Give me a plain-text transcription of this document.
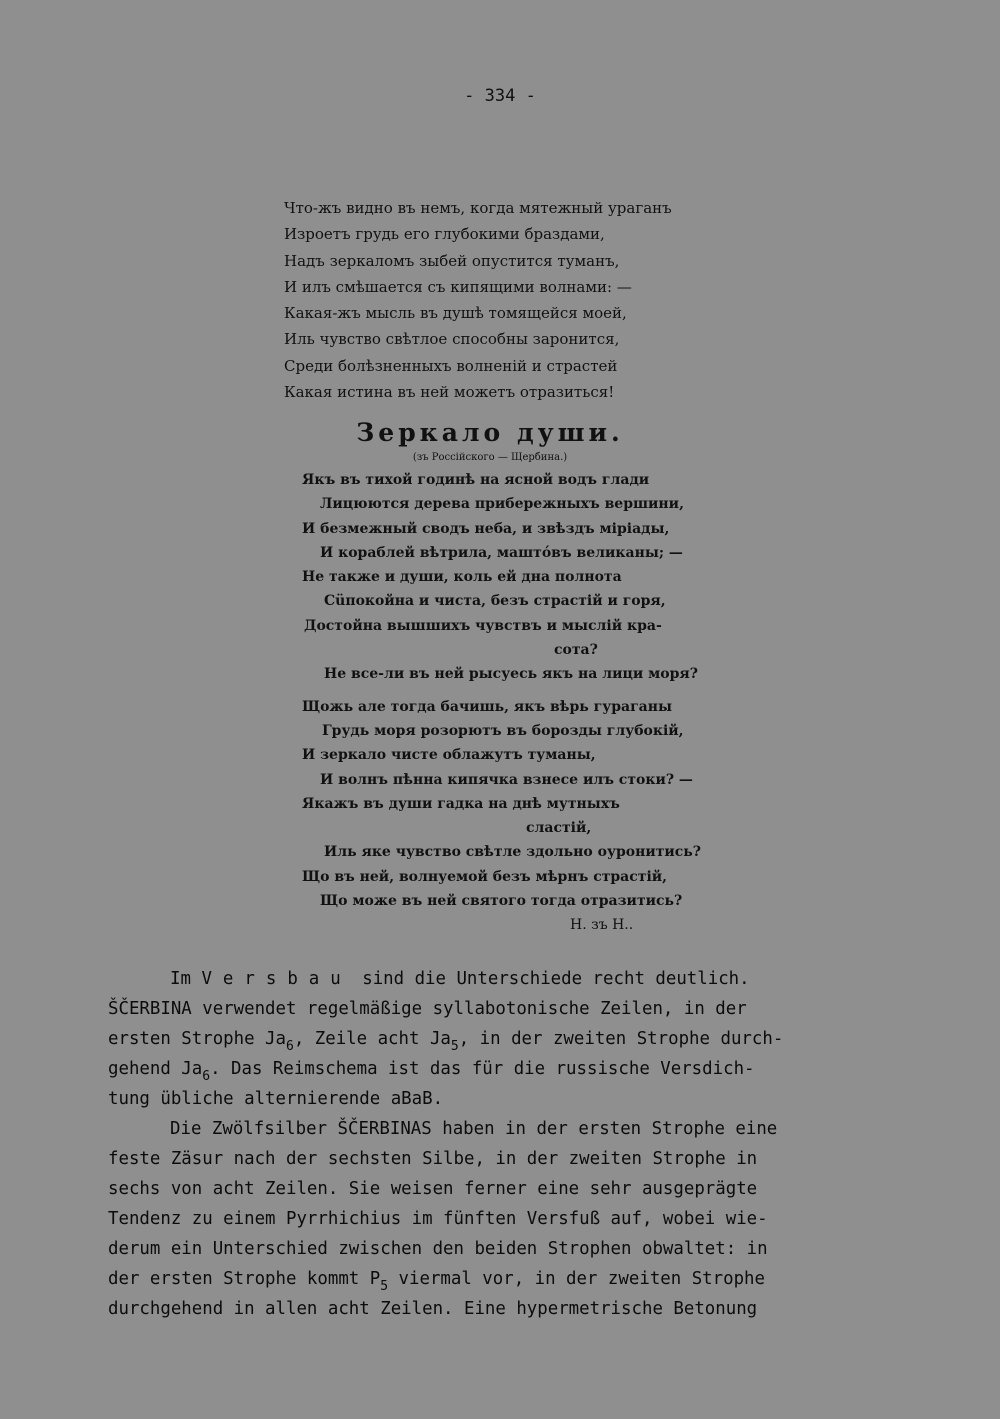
- 334 -
Что-жъ видно въ немъ, когда мятежный ураганъ
Изроетъ грудь его глубокими браздами,
Надъ зеркаломъ зыбей опустится туманъ,
И илъ смѣшается съ кипящими волнами: —
Какая-жъ мысль въ душѣ томящейся моей,
Иль чувство свѣтлое способны заронится,
Среди болѣзненныхъ волненій и страстей
Какая истина въ ней можетъ отразиться!
Зеркало души.
(зъ Россійского — Щербина.)
Якъ въ тихой годинѣ на ясной водъ глади
Лицюются дерева прибережныхъ вершини,
И безмежный сводъ неба, и звѣздъ міріады,
И кораблей вѣтрила, маштóвъ великаны; —
Не также и души, коль ей дна полнота
Сüпокойна и чиста, безъ страстій и горя,
Достойна вышшихъ чувствъ и мыслій кра-
сота?
Не все-ли въ ней рысуесь якъ на лици моря?
Щожь але тогда бачишь, якъ вѣрь гураганы
Грудь моря розорютъ въ борозды глубокій,
И зеркало чисте облажутъ туманы,
И волнъ пѣнна кипячка взнесе илъ стоки? —
Якажъ въ души гадка на днѣ мутныхъ
сластій,
Иль яке чувство свѣтле здольно оуронитись?
Що въ ней, волнуемой безъ мѣрнъ страстій,
Що може въ ней святого тогда отразитись?
Н. зъ Н..
Im Versbau sind die Unterschiede recht deutlich.
ŠČERBINA verwendet regelmäßige syllabotonische Zeilen, in der
ersten Strophe $Ja_6$, Zeile acht $Ja_5$, in der zweiten Strophe durch-
gehend $Ja_6$. Das Reimschema ist das für die russische Versdich-
tung übliche alternierende aBaB.
Die Zwölfsilber ŠČERBINAS haben in der ersten Strophe eine
feste Zäsur nach der sechsten Silbe, in der zweiten Strophe in
sechs von acht Zeilen. Sie weisen ferner eine sehr ausgeprägte
Tendenz zu einem Pyrrhichius im fünften Versfuß auf, wobei wie-
derum ein Unterschied zwischen den beiden Strophen obwaltet: in
der ersten Strophe kommt $P_5$ viermal vor, in der zweiten Strophe
durchgehend in allen acht Zeilen. Eine hypermetrische Betonung
